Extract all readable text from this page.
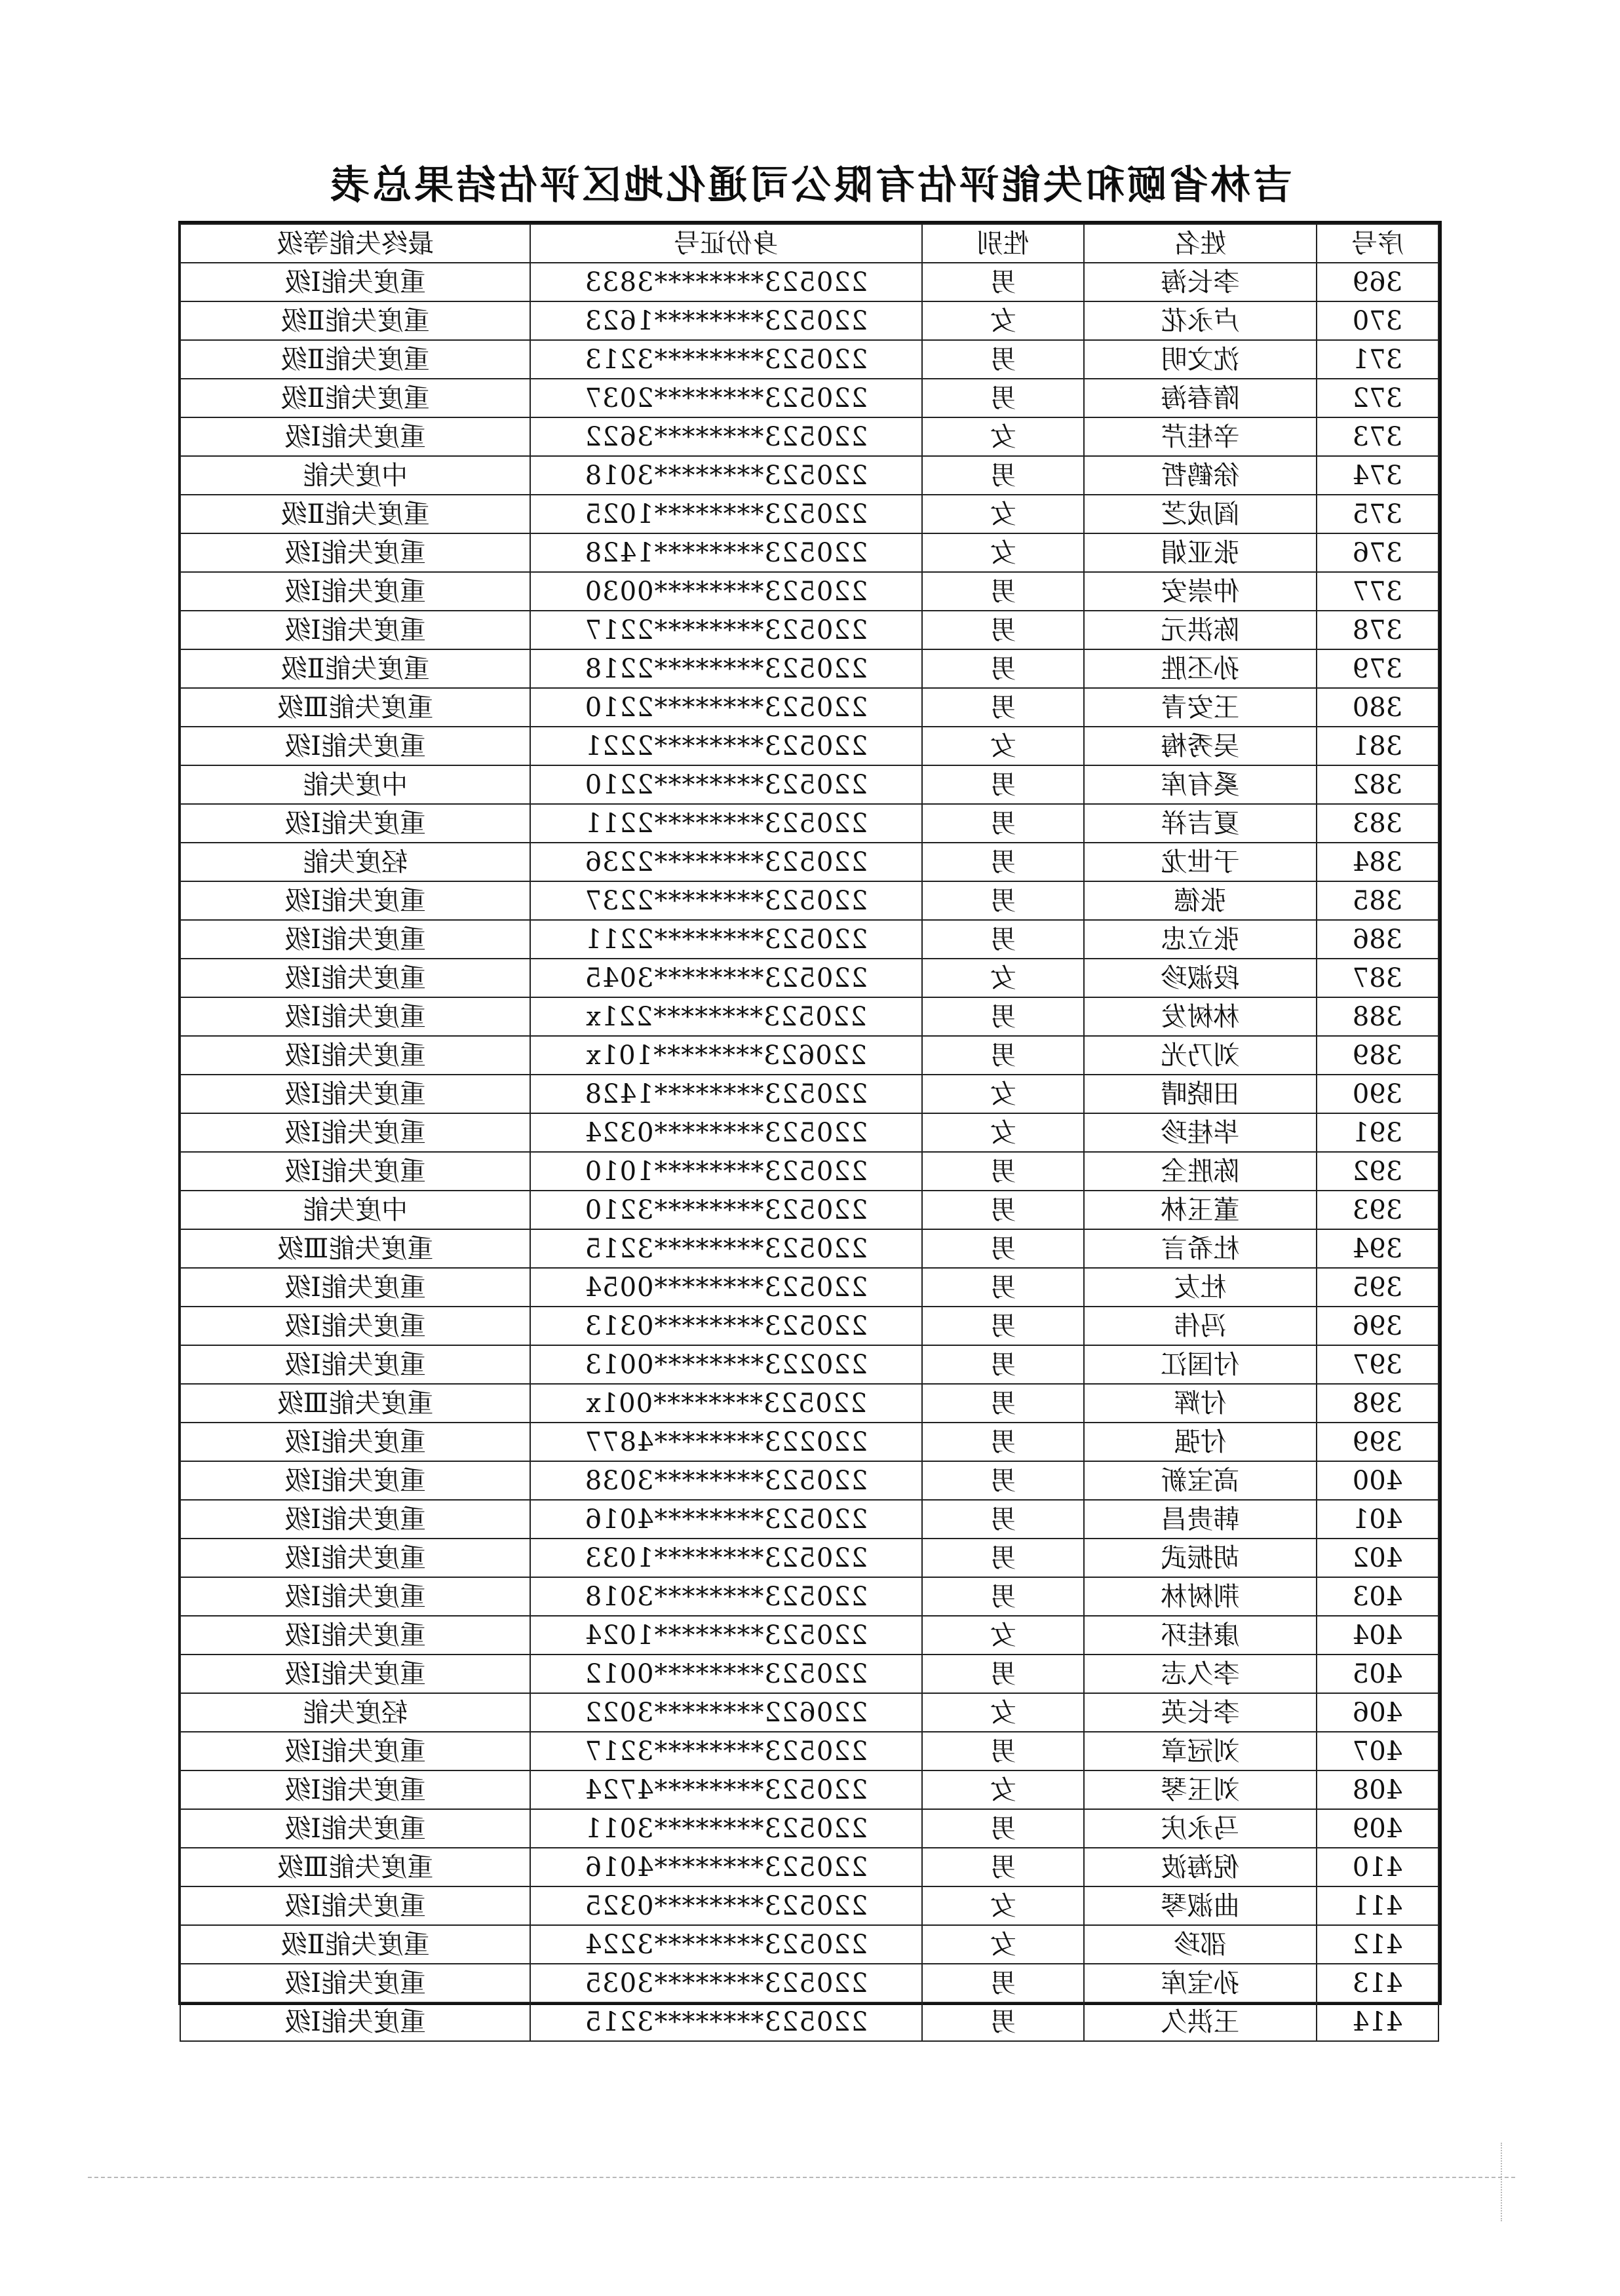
吉林省颐和失能评估有限公司通化地区评估结果总表
序号	姓名	性别	身份证号	最终失能等级
369	李长海	男	220523********3833	重度失能Ⅰ级
370	卢永花	女	220523********1623	重度失能Ⅱ级
371	沈文明	男	220523********3213	重度失能Ⅱ级
372	隋春海	男	220523********2037	重度失能Ⅱ级
373	辛桂芹	女	220523********3622	重度失能Ⅰ级
374	徐鹤哲	男	220523********3018	中度失能
375	阎成芝	女	220523********1025	重度失能Ⅱ级
376	张亚娟	女	220523********1428	重度失能Ⅰ级
377	仲崇安	男	220523********0030	重度失能Ⅰ级
378	陈洪元	男	220523********2217	重度失能Ⅰ级
379	孙丕胜	男	220523********2218	重度失能Ⅱ级
380	王安青	男	220523********2210	重度失能Ⅲ级
381	吴秀梅	女	220523********2221	重度失能Ⅰ级
382	奚有库	男	220523********2210	中度失能
383	夏吉祥	男	220523********2211	重度失能Ⅰ级
384	于世龙	男	220523********2236	轻度失能
385	张德	男	220523********2237	重度失能Ⅰ级
386	张立忠	男	220523********2211	重度失能Ⅰ级
387	段淑珍	女	220523********3045	重度失能Ⅰ级
388	林树发	男	220523********221x	重度失能Ⅰ级
389	刘乃光	男	220623********101x	重度失能Ⅰ级
390	田晓晴	女	220523********1428	重度失能Ⅰ级
391	毕桂珍	女	220523********0324	重度失能Ⅰ级
392	陈胜全	男	220523********1010	重度失能Ⅰ级
393	董玉林	男	220523********3210	中度失能
394	杜希言	男	220523********3215	重度失能Ⅲ级
395	杜友	男	220523********0054	重度失能Ⅰ级
396	冯伟	男	220523********0313	重度失能Ⅰ级
397	付国江	男	220223********0013	重度失能Ⅰ级
398	付辉	男	220523********001x	重度失能Ⅲ级
399	付强	男	220223********4877	重度失能Ⅰ级
400	高宝新	男	220523********3038	重度失能Ⅰ级
401	韩贵昌	男	220523********4016	重度失能Ⅰ级
402	胡振武	男	220523********1033	重度失能Ⅰ级
403	荆树林	男	220523********3018	重度失能Ⅰ级
404	康桂环	女	220523********1024	重度失能Ⅰ级
405	李久志	男	220523********0012	重度失能Ⅰ级
406	李长英	女	220622********3022	轻度失能
407	刘冠章	男	220523********3217	重度失能Ⅰ级
408	刘玉琴	女	220523********4724	重度失能Ⅰ级
409	马永庆	男	220523********3011	重度失能Ⅰ级
410	倪海波	男	220523********4016	重度失能Ⅲ级
411	曲淑琴	女	220523********0325	重度失能Ⅰ级
412	邵珍	女	220523********3224	重度失能Ⅱ级
413	孙宝库	男	220523********3035	重度失能Ⅰ级
414	王洪久	男	220523********3215	重度失能Ⅰ级
